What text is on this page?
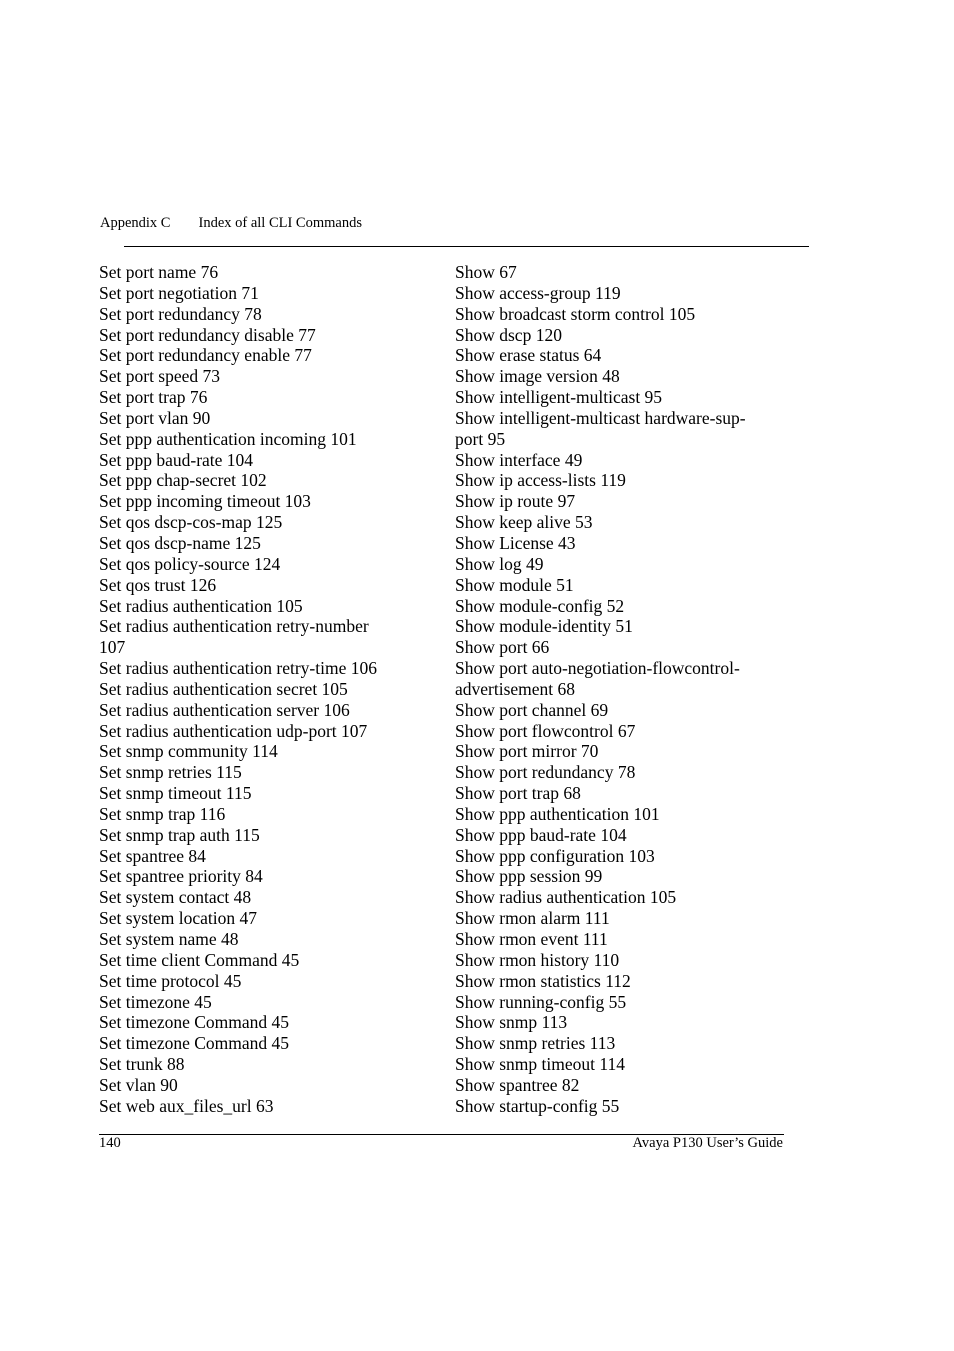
Appendix C Index of all CLI Commands
Set port name 76
Set port negotiation 71
Set port redundancy 78
Set port redundancy disable 77
Set port redundancy enable 77
Set port speed 73
Set port trap 76
Set port vlan 90
Set ppp authentication incoming 101
Set ppp baud-rate 104
Set ppp chap-secret 102
Set ppp incoming timeout 103
Set qos dscp-cos-map 125
Set qos dscp-name 125
Set qos policy-source 124
Set qos trust 126
Set radius authentication 105
Set radius authentication retry-number
107
Set radius authentication retry-time 106
Set radius authentication secret 105
Set radius authentication server 106
Set radius authentication udp-port 107
Set snmp community 114
Set snmp retries 115
Set snmp timeout 115
Set snmp trap 116
Set snmp trap auth 115
Set spantree 84
Set spantree priority 84
Set system contact 48
Set system location 47
Set system name 48
Set time client Command 45
Set time protocol 45
Set timezone 45
Set timezone Command 45
Set timezone Command 45
Set trunk 88
Set vlan 90
Set web aux_files_url 63
Show 67
Show access-group 119
Show broadcast storm control 105
Show dscp 120
Show erase status 64
Show image version 48
Show intelligent-multicast 95
Show intelligent-multicast hardware-sup-
port 95
Show interface 49
Show ip access-lists 119
Show ip route 97
Show keep alive 53
Show License 43
Show log 49
Show module 51
Show module-config 52
Show module-identity 51
Show port 66
Show port auto-negotiation-flowcontrol-
advertisement 68
Show port channel 69
Show port flowcontrol 67
Show port mirror 70
Show port redundancy 78
Show port trap 68
Show ppp authentication 101
Show ppp baud-rate 104
Show ppp configuration 103
Show ppp session 99
Show radius authentication 105
Show rmon alarm 111
Show rmon event 111
Show rmon history 110
Show rmon statistics 112
Show running-config 55
Show snmp 113
Show snmp retries 113
Show snmp timeout 114
Show spantree 82
Show startup-config 55
140	Avaya P130 User’s Guide
